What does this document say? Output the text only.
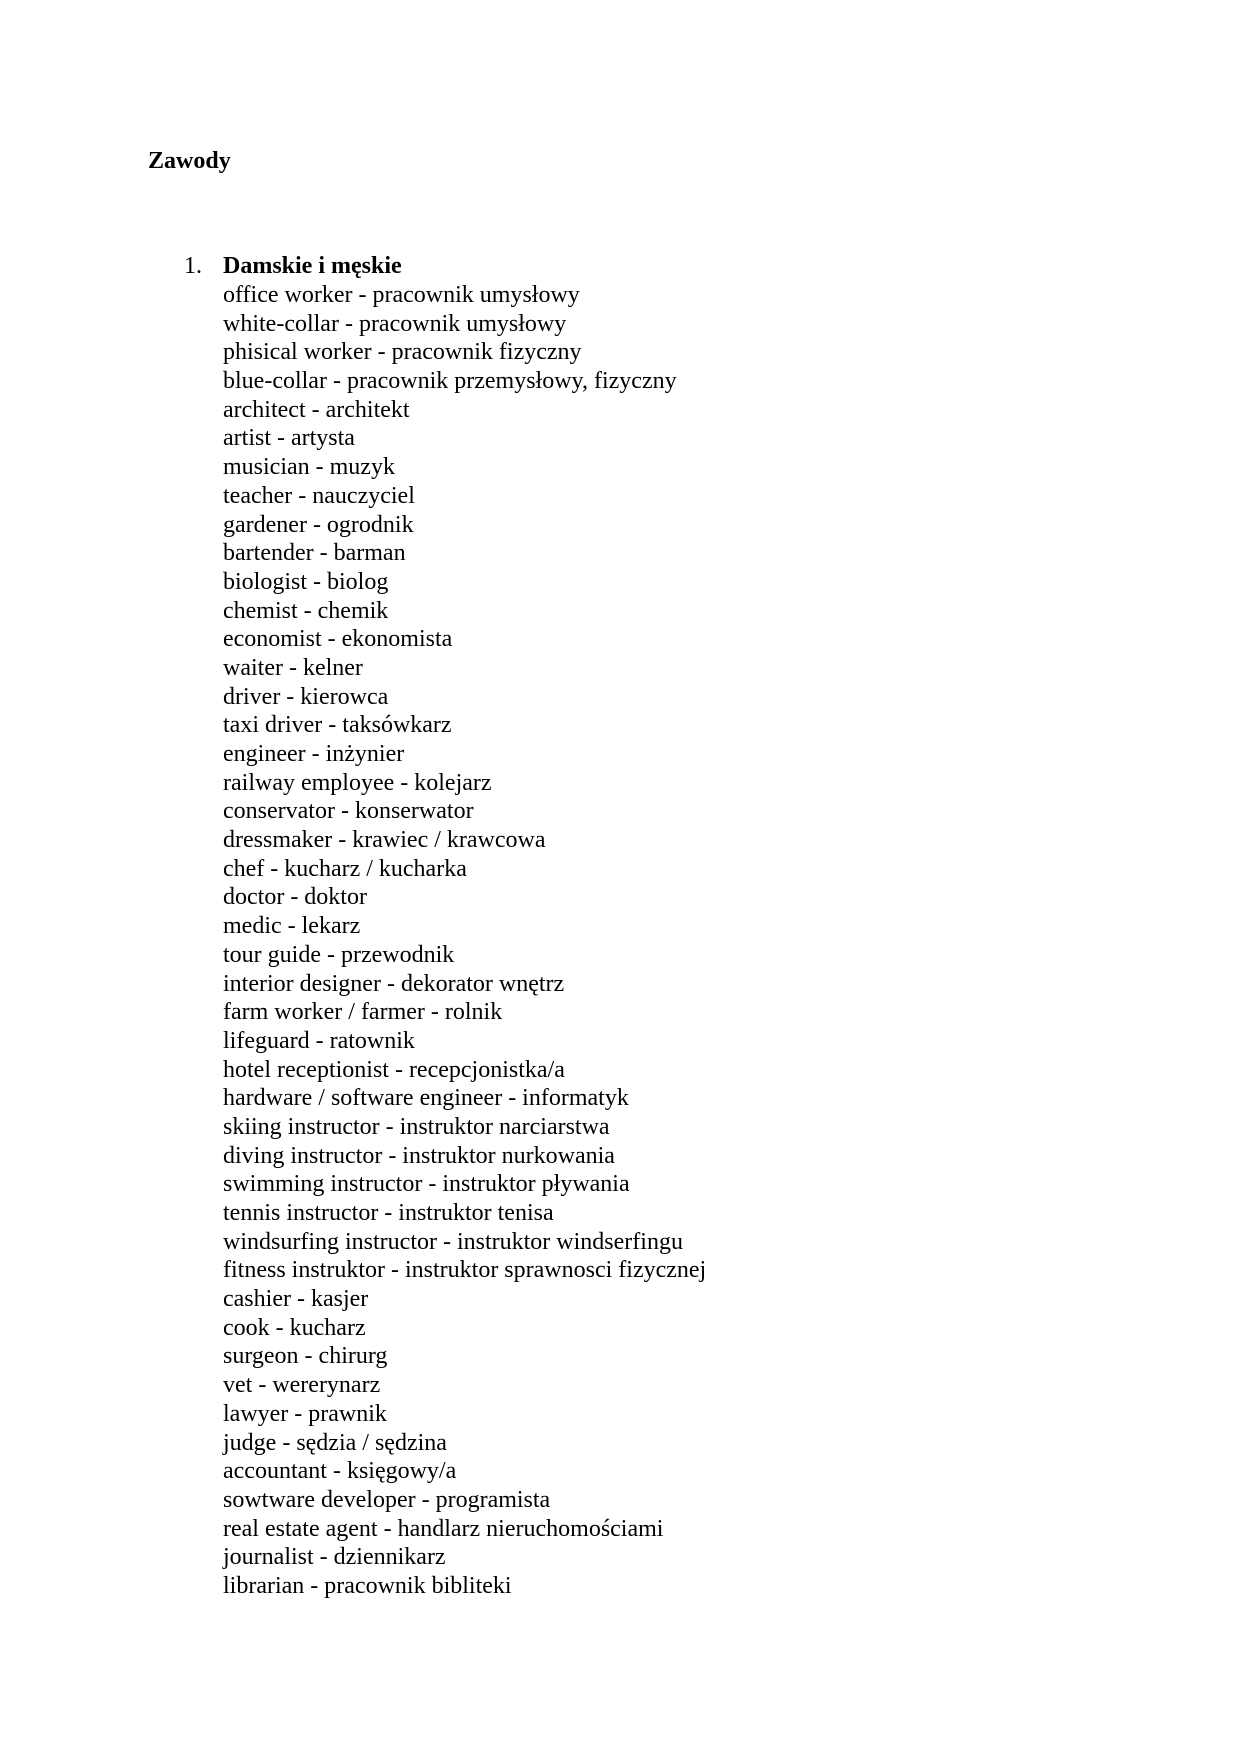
Zawody
1. Damskie i męskie
office worker - pracownik umysłowy
white-collar - pracownik umysłowy
phisical worker - pracownik fizyczny
blue-collar - pracownik przemysłowy, fizyczny
architect - architekt
artist - artysta
musician - muzyk
teacher - nauczyciel
gardener - ogrodnik
bartender - barman
biologist - biolog
chemist - chemik
economist - ekonomista
waiter - kelner
driver - kierowca
taxi driver - taksówkarz
engineer - inżynier
railway employee - kolejarz
conservator - konserwator
dressmaker - krawiec / krawcowa
chef - kucharz / kucharka
doctor - doktor
medic - lekarz
tour guide - przewodnik
interior designer - dekorator wnętrz
farm worker / farmer - rolnik
lifeguard - ratownik
hotel receptionist - recepcjonistka/a
hardware / software engineer - informatyk
skiing instructor - instruktor narciarstwa
diving instructor - instruktor nurkowania
swimming instructor - instruktor pływania
tennis instructor - instruktor tenisa
windsurfing instructor - instruktor windserfingu
fitness instruktor - instruktor sprawnosci fizycznej
cashier - kasjer
cook - kucharz
surgeon - chirurg
vet - wererynarz
lawyer - prawnik
judge - sędzia / sędzina
accountant - księgowy/a
sowtware developer - programista
real estate agent - handlarz nieruchomościami
journalist - dziennikarz
librarian - pracownik bibliteki
